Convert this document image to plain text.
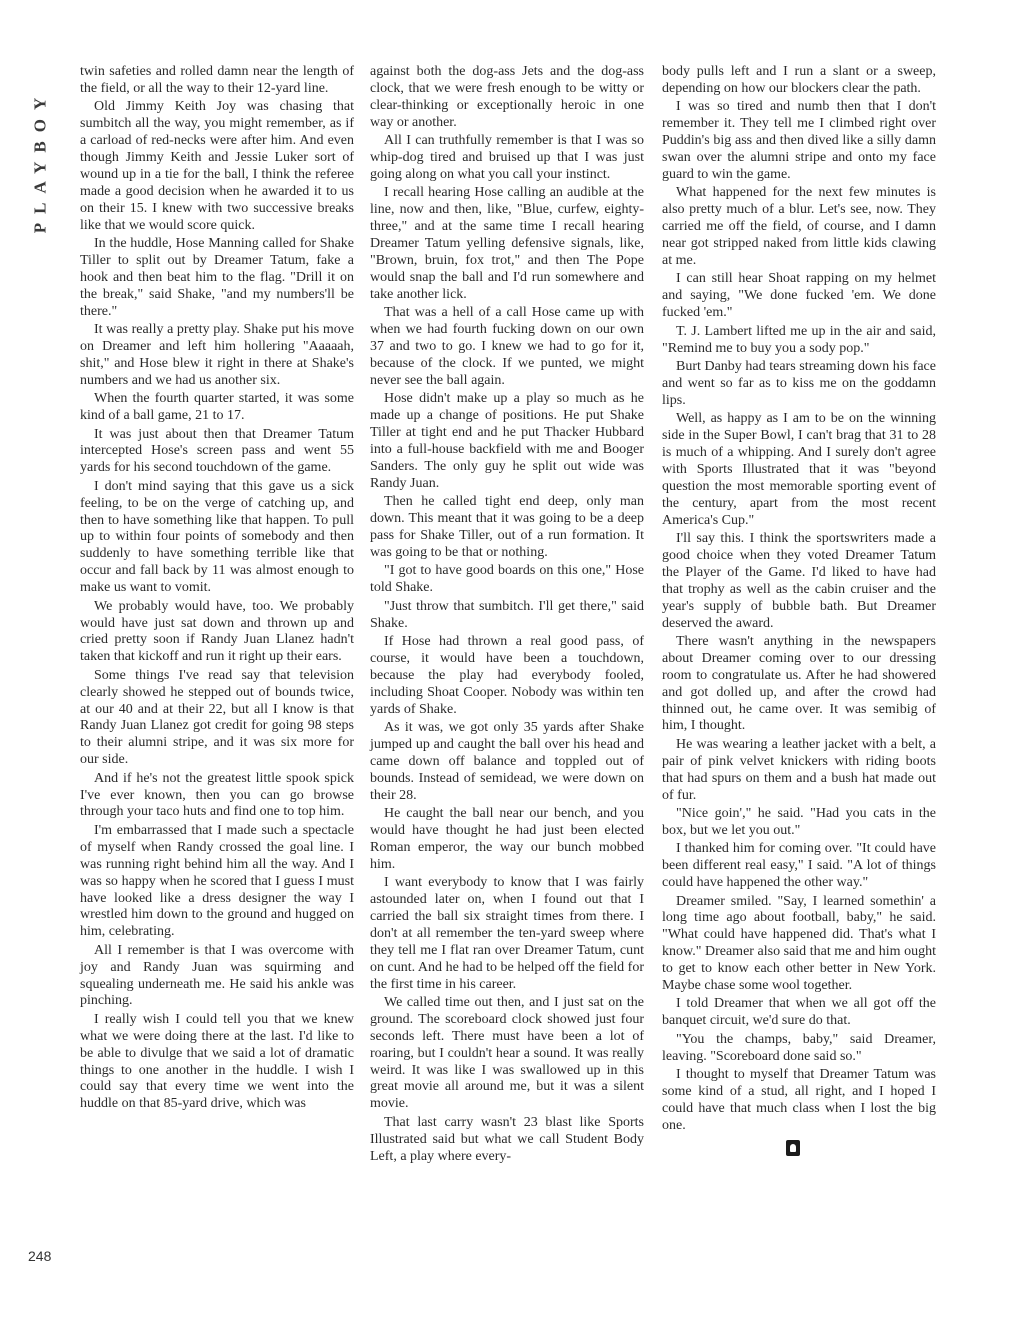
PLAYBOY

twin safeties and rolled damn near the length of the field, or all the way to their 12-yard line.

Old Jimmy Keith Joy was chasing that sumbitch all the way, you might remember, as if a carload of red-necks were after him. And even though Jimmy Keith and Jessie Luker sort of wound up in a tie for the ball, I think the referee made a good decision when he awarded it to us on their 15. I knew with two successive breaks like that we would score quick.

In the huddle, Hose Manning called for Shake Tiller to split out by Dreamer Tatum, fake a hook and then beat him to the flag. "Drill it on the break," said Shake, "and my numbers'll be there."

It was really a pretty play. Shake put his move on Dreamer and left him hollering "Aaaaah, shit," and Hose blew it right in there at Shake's numbers and we had us another six.

When the fourth quarter started, it was some kind of a ball game, 21 to 17.

It was just about then that Dreamer Tatum intercepted Hose's screen pass and went 55 yards for his second touchdown of the game.

I don't mind saying that this gave us a sick feeling, to be on the verge of catching up, and then to have something like that happen. To pull up to within four points of somebody and then suddenly to have something terrible like that occur and fall back by 11 was almost enough to make us want to vomit.

We probably would have, too. We probably would have just sat down and thrown up and cried pretty soon if Randy Juan Llanez hadn't taken that kickoff and run it right up their ears.

Some things I've read say that television clearly showed he stepped out of bounds twice, at our 40 and at their 22, but all I know is that Randy Juan Llanez got credit for going 98 steps to their alumni stripe, and it was six more for our side.

And if he's not the greatest little spook spick I've ever known, then you can go browse through your taco huts and find one to top him.

I'm embarrassed that I made such a spectacle of myself when Randy crossed the goal line. I was running right behind him all the way. And I was so happy when he scored that I guess I must have looked like a dress designer the way I wrestled him down to the ground and hugged on him, celebrating.

All I remember is that I was overcome with joy and Randy Juan was squirming and squealing underneath me. He said his ankle was pinching.

I really wish I could tell you that we knew what we were doing there at the last. I'd like to be able to divulge that we said a lot of dramatic things to one another in the huddle. I wish I could say that every time we went into the huddle on that 85-yard drive, which was

against both the dog-ass Jets and the dog-ass clock, that we were fresh enough to be witty or clear-thinking or exceptionally heroic in one way or another.

All I can truthfully remember is that I was so whip-dog tired and bruised up that I was just going along on what you call your instinct.

I recall hearing Hose calling an audible at the line, now and then, like, "Blue, curfew, eighty-three," and at the same time I recall hearing Dreamer Tatum yelling defensive signals, like, "Brown, bruin, fox trot," and then The Pope would snap the ball and I'd run somewhere and take another lick.

That was a hell of a call Hose came up with when we had fourth fucking down on our own 37 and two to go. I knew we had to go for it, because of the clock. If we punted, we might never see the ball again.

Hose didn't make up a play so much as he made up a change of positions. He put Shake Tiller at tight end and he put Thacker Hubbard into a full-house backfield with me and Booger Sanders. The only guy he split out wide was Randy Juan.

Then he called tight end deep, only man down. This meant that it was going to be a deep pass for Shake Tiller, out of a run formation. It was going to be that or nothing.

"I got to have good boards on this one," Hose told Shake.

"Just throw that sumbitch. I'll get there," said Shake.

If Hose had thrown a real good pass, of course, it would have been a touchdown, because the play had everybody fooled, including Shoat Cooper. Nobody was within ten yards of Shake.

As it was, we got only 35 yards after Shake jumped up and caught the ball over his head and came down off balance and toppled out of bounds. Instead of semidead, we were down on their 28.

He caught the ball near our bench, and you would have thought he had just been elected Roman emperor, the way our bunch mobbed him.

I want everybody to know that I was fairly astounded later on, when I found out that I carried the ball six straight times from there. I don't at all remember the ten-yard sweep where they tell me I flat ran over Dreamer Tatum, cunt on cunt. And he had to be helped off the field for the first time in his career.

We called time out then, and I just sat on the ground. The scoreboard clock showed just four seconds left. There must have been a lot of roaring, but I couldn't hear a sound. It was really weird. It was like I was swallowed up in this great movie all around me, but it was a silent movie.

That last carry wasn't 23 blast like Sports Illustrated said but what we call Student Body Left, a play where every-

body pulls left and I run a slant or a sweep, depending on how our blockers clear the path.

I was so tired and numb then that I don't remember it. They tell me I climbed right over Puddin's big ass and then dived like a silly damn swan over the alumni stripe and onto my face guard to win the game.

What happened for the next few minutes is also pretty much of a blur. Let's see, now. They carried me off the field, of course, and I damn near got stripped naked from little kids clawing at me.

I can still hear Shoat rapping on my helmet and saying, "We done fucked 'em. We done fucked 'em."

T. J. Lambert lifted me up in the air and said, "Remind me to buy you a sody pop."

Burt Danby had tears streaming down his face and went so far as to kiss me on the goddamn lips.

Well, as happy as I am to be on the winning side in the Super Bowl, I can't brag that 31 to 28 is much of a whipping. And I surely don't agree with Sports Illustrated that it was "beyond question the most memorable sporting event of the century, apart from the most recent America's Cup."

I'll say this. I think the sportswriters made a good choice when they voted Dreamer Tatum the Player of the Game. I'd liked to have had that trophy as well as the cabin cruiser and the year's supply of bubble bath. But Dreamer deserved the award.

There wasn't anything in the newspapers about Dreamer coming over to our dressing room to congratulate us. After he had showered and got dolled up, and after the crowd had thinned out, he came over. It was semibig of him, I thought.

He was wearing a leather jacket with a belt, a pair of pink velvet knickers with riding boots that had spurs on them and a bush hat made out of fur.

"Nice goin'," he said. "Had you cats in the box, but we let you out."

I thanked him for coming over. "It could have been different real easy," I said. "A lot of things could have happened the other way."

Dreamer smiled. "Say, I learned somethin' a long time ago about football, baby," he said. "What could have happened did. That's what I know." Dreamer also said that me and him ought to get to know each other better in New York. Maybe chase some wool together.

I told Dreamer that when we all got off the banquet circuit, we'd sure do that.

"You the champs, baby," said Dreamer, leaving. "Scoreboard done said so."

I thought to myself that Dreamer Tatum was some kind of a stud, all right, and I hoped I could have that much class when I lost the big one.

248
